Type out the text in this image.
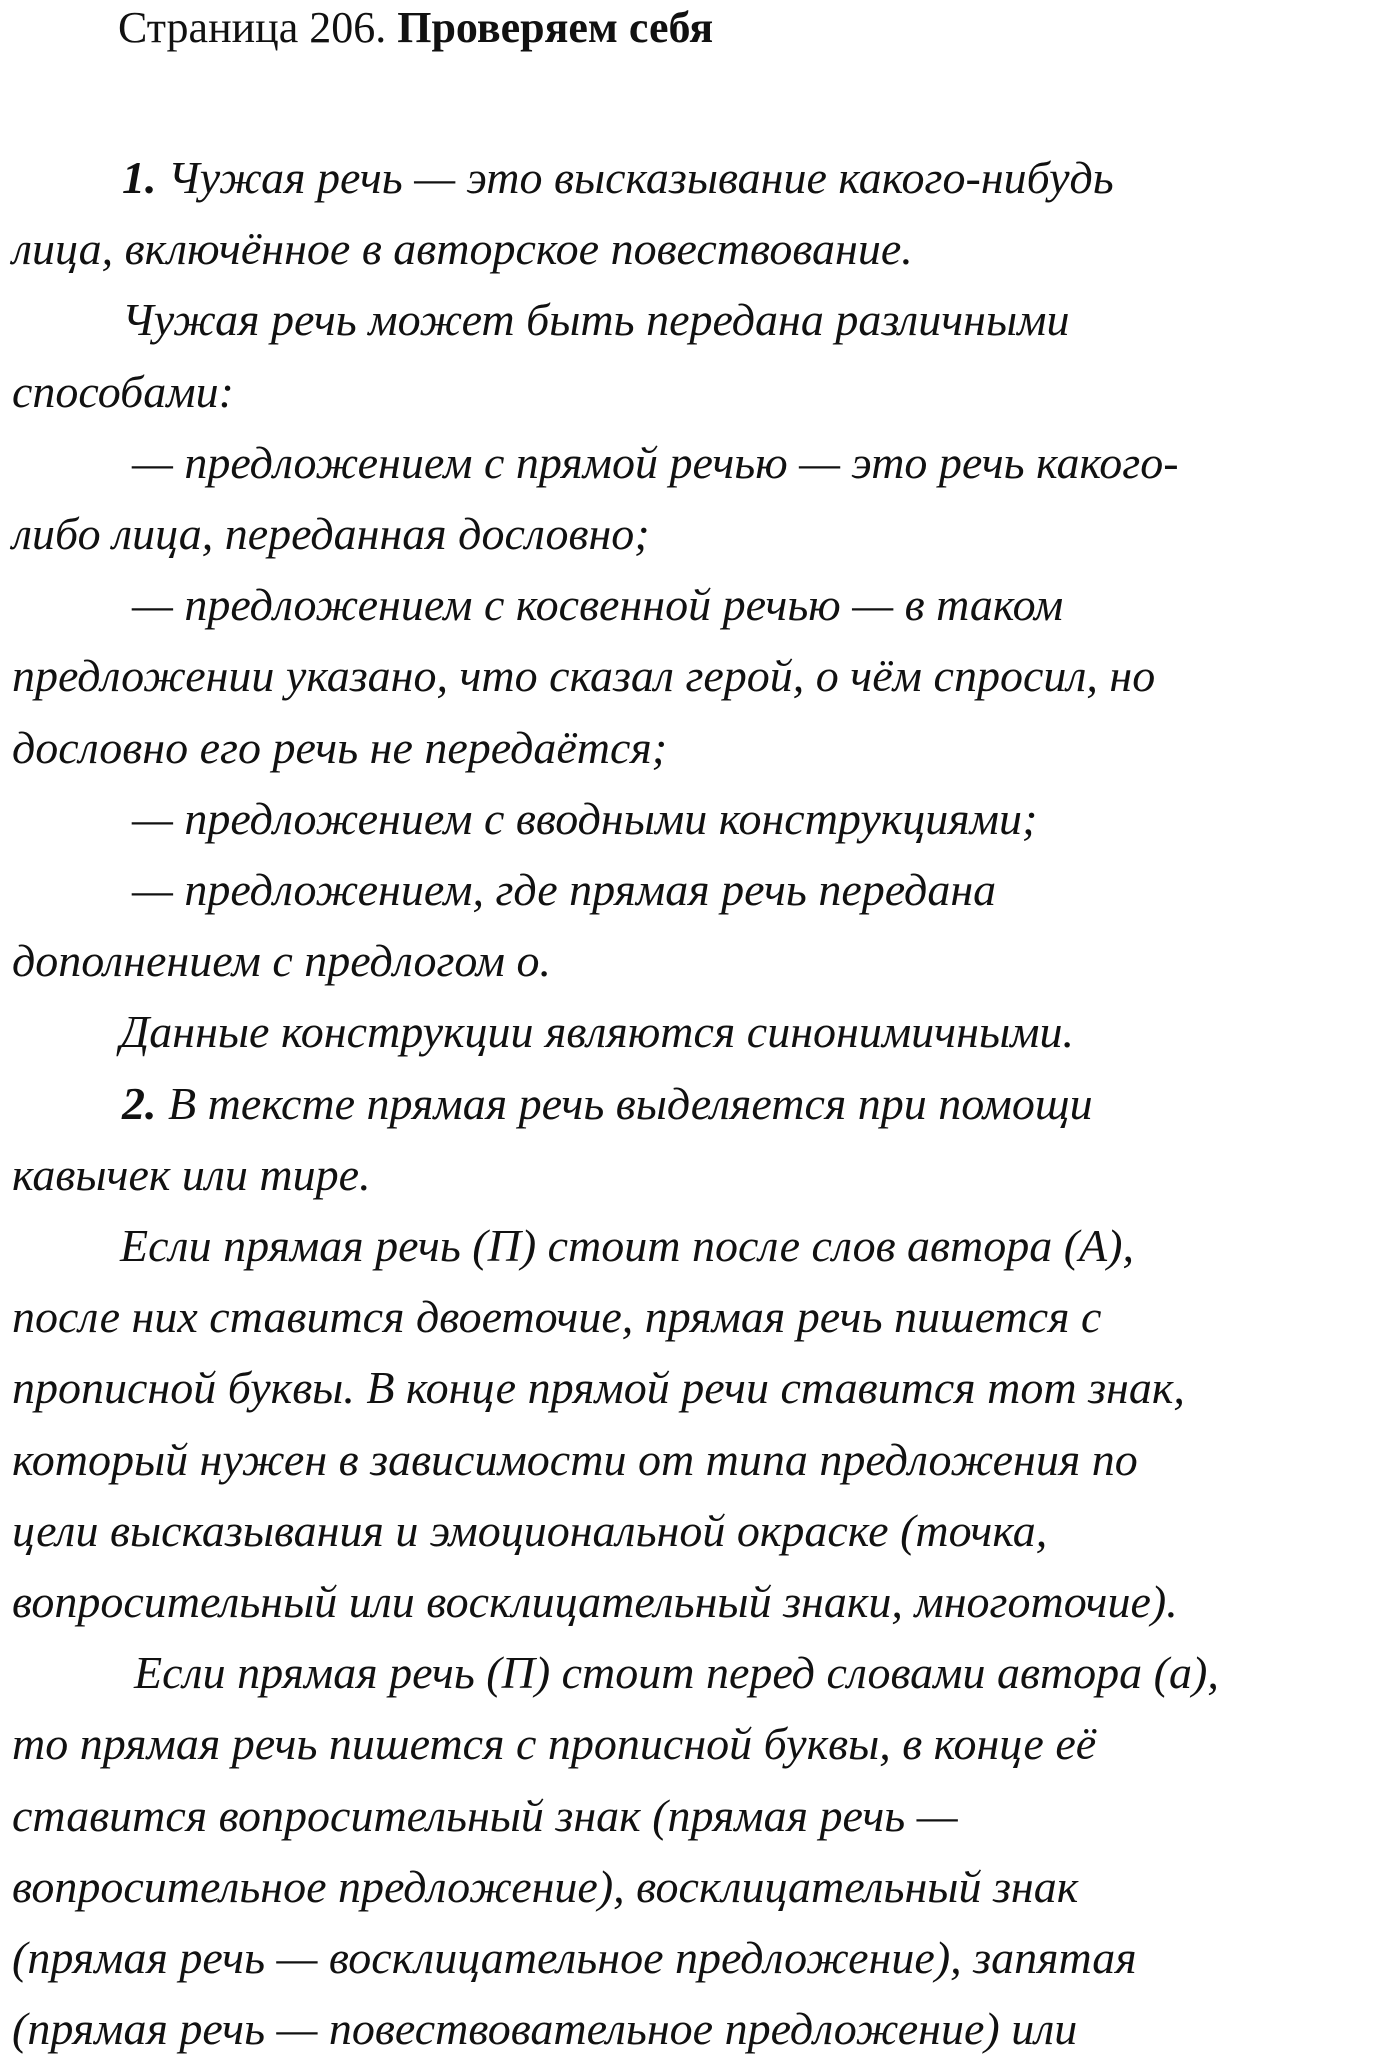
Страница 206. Проверяем себя

1. Чужая речь — это высказывание какого-нибудь

лица, включённое в авторское повествование.

Чужая речь может быть передана различными

способами:

— предложением с прямой речью — это речь какого-

либо лица, переданная дословно;

— предложением с косвенной речью — в таком

предложении указано, что сказал герой, о чём спросил, но

дословно его речь не передаётся;

— предложением с вводными конструкциями;

— предложением, где прямая речь передана

дополнением с предлогом о.

Данные конструкции являются синонимичными.

2. В тексте прямая речь выделяется при помощи

кавычек или тире.

Если прямая речь (П) стоит после слов автора (А),

после них ставится двоеточие, прямая речь пишется с

прописной буквы. В конце прямой речи ставится тот знак,

который нужен в зависимости от типа предложения по

цели высказывания и эмоциональной окраске (точка,

вопросительный или восклицательный знаки, многоточие).

Если прямая речь (П) стоит перед словами автора (а),

то прямая речь пишется с прописной буквы, в конце её

ставится вопросительный знак (прямая речь —

вопросительное предложение), восклицательный знак

(прямая речь — восклицательное предложение), запятая

(прямая речь — повествовательное предложение) или
